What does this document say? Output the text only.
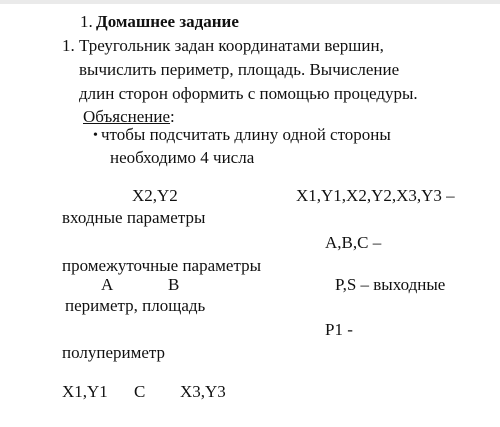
1. Домашнее задание
1. Треугольник задан координатами вершин,
вычислить периметр, площадь. Вычисление
длин сторон оформить с помощью процедуры.
Объяснение:
• чтобы подсчитать длину одной стороны
необходимо 4 числа
X2,Y2	X1,Y1,X2,Y2,X3,Y3 –
входные параметры
A,B,C –
промежуточные параметры
A	B	P,S – выходные
периметр, площадь
P1 -
полупериметр
X1,Y1 C X3,Y3
